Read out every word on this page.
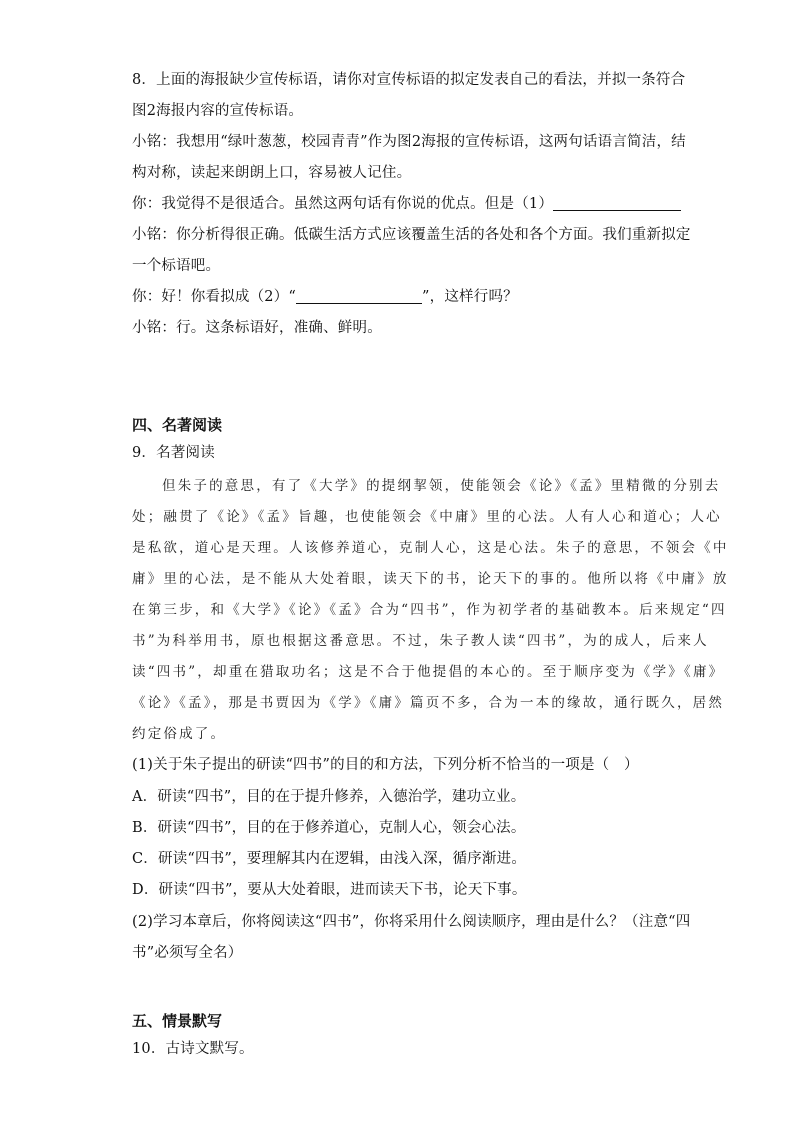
8．上面的海报缺少宣传标语，请你对宣传标语的拟定发表自己的看法，并拟一条符合
图2海报内容的宣传标语。
小铭：我想用“绿叶葱葱，校园青青”作为图2海报的宣传标语，这两句话语言简洁，结
构对称，读起来朗朗上口，容易被人记住。
你：我觉得不是很适合。虽然这两句话有你说的优点。但是（1）
小铭：你分析得很正确。低碳生活方式应该覆盖生活的各处和各个方面。我们重新拟定
一个标语吧。
你：好！你看拟成（2）“	”，这样行吗？
小铭：行。这条标语好，准确、鲜明。
四、名著阅读
9．名著阅读
但朱子的意思，有了《大学》的提纲挈领，使能领会《论》《孟》里精微的分别去
处；融贯了《论》《孟》旨趣，也使能领会《中庸》里的心法。人有人心和道心；人心
是私欲，道心是天理。人该修养道心，克制人心，这是心法。朱子的意思，不领会《中
庸》里的心法，是不能从大处着眼，读天下的书，论天下的事的。他所以将《中庸》放
在第三步，和《大学》《论》《孟》合为“四书”，作为初学者的基础教本。后来规定“四
书”为科举用书，原也根据这番意思。不过，朱子教人读“四书”，为的成人，后来人
读“四书”，却重在猎取功名；这是不合于他提倡的本心的。至于顺序变为《学》《庸》
《论》《孟》，那是书贾因为《学》《庸》篇页不多，合为一本的缘故，通行既久，居然
约定俗成了。
(1)关于朱子提出的研读“四书”的目的和方法，下列分析不恰当的一项是（　）
A．研读“四书”，目的在于提升修养，入德治学，建功立业。
B．研读“四书”，目的在于修养道心，克制人心，领会心法。
C．研读“四书”，要理解其内在逻辑，由浅入深，循序渐进。
D．研读“四书”，要从大处着眼，进而读天下书，论天下事。
(2)学习本章后，你将阅读这“四书”，你将采用什么阅读顺序，理由是什么？（注意“四
书”必须写全名）
五、情景默写
10．古诗文默写。
